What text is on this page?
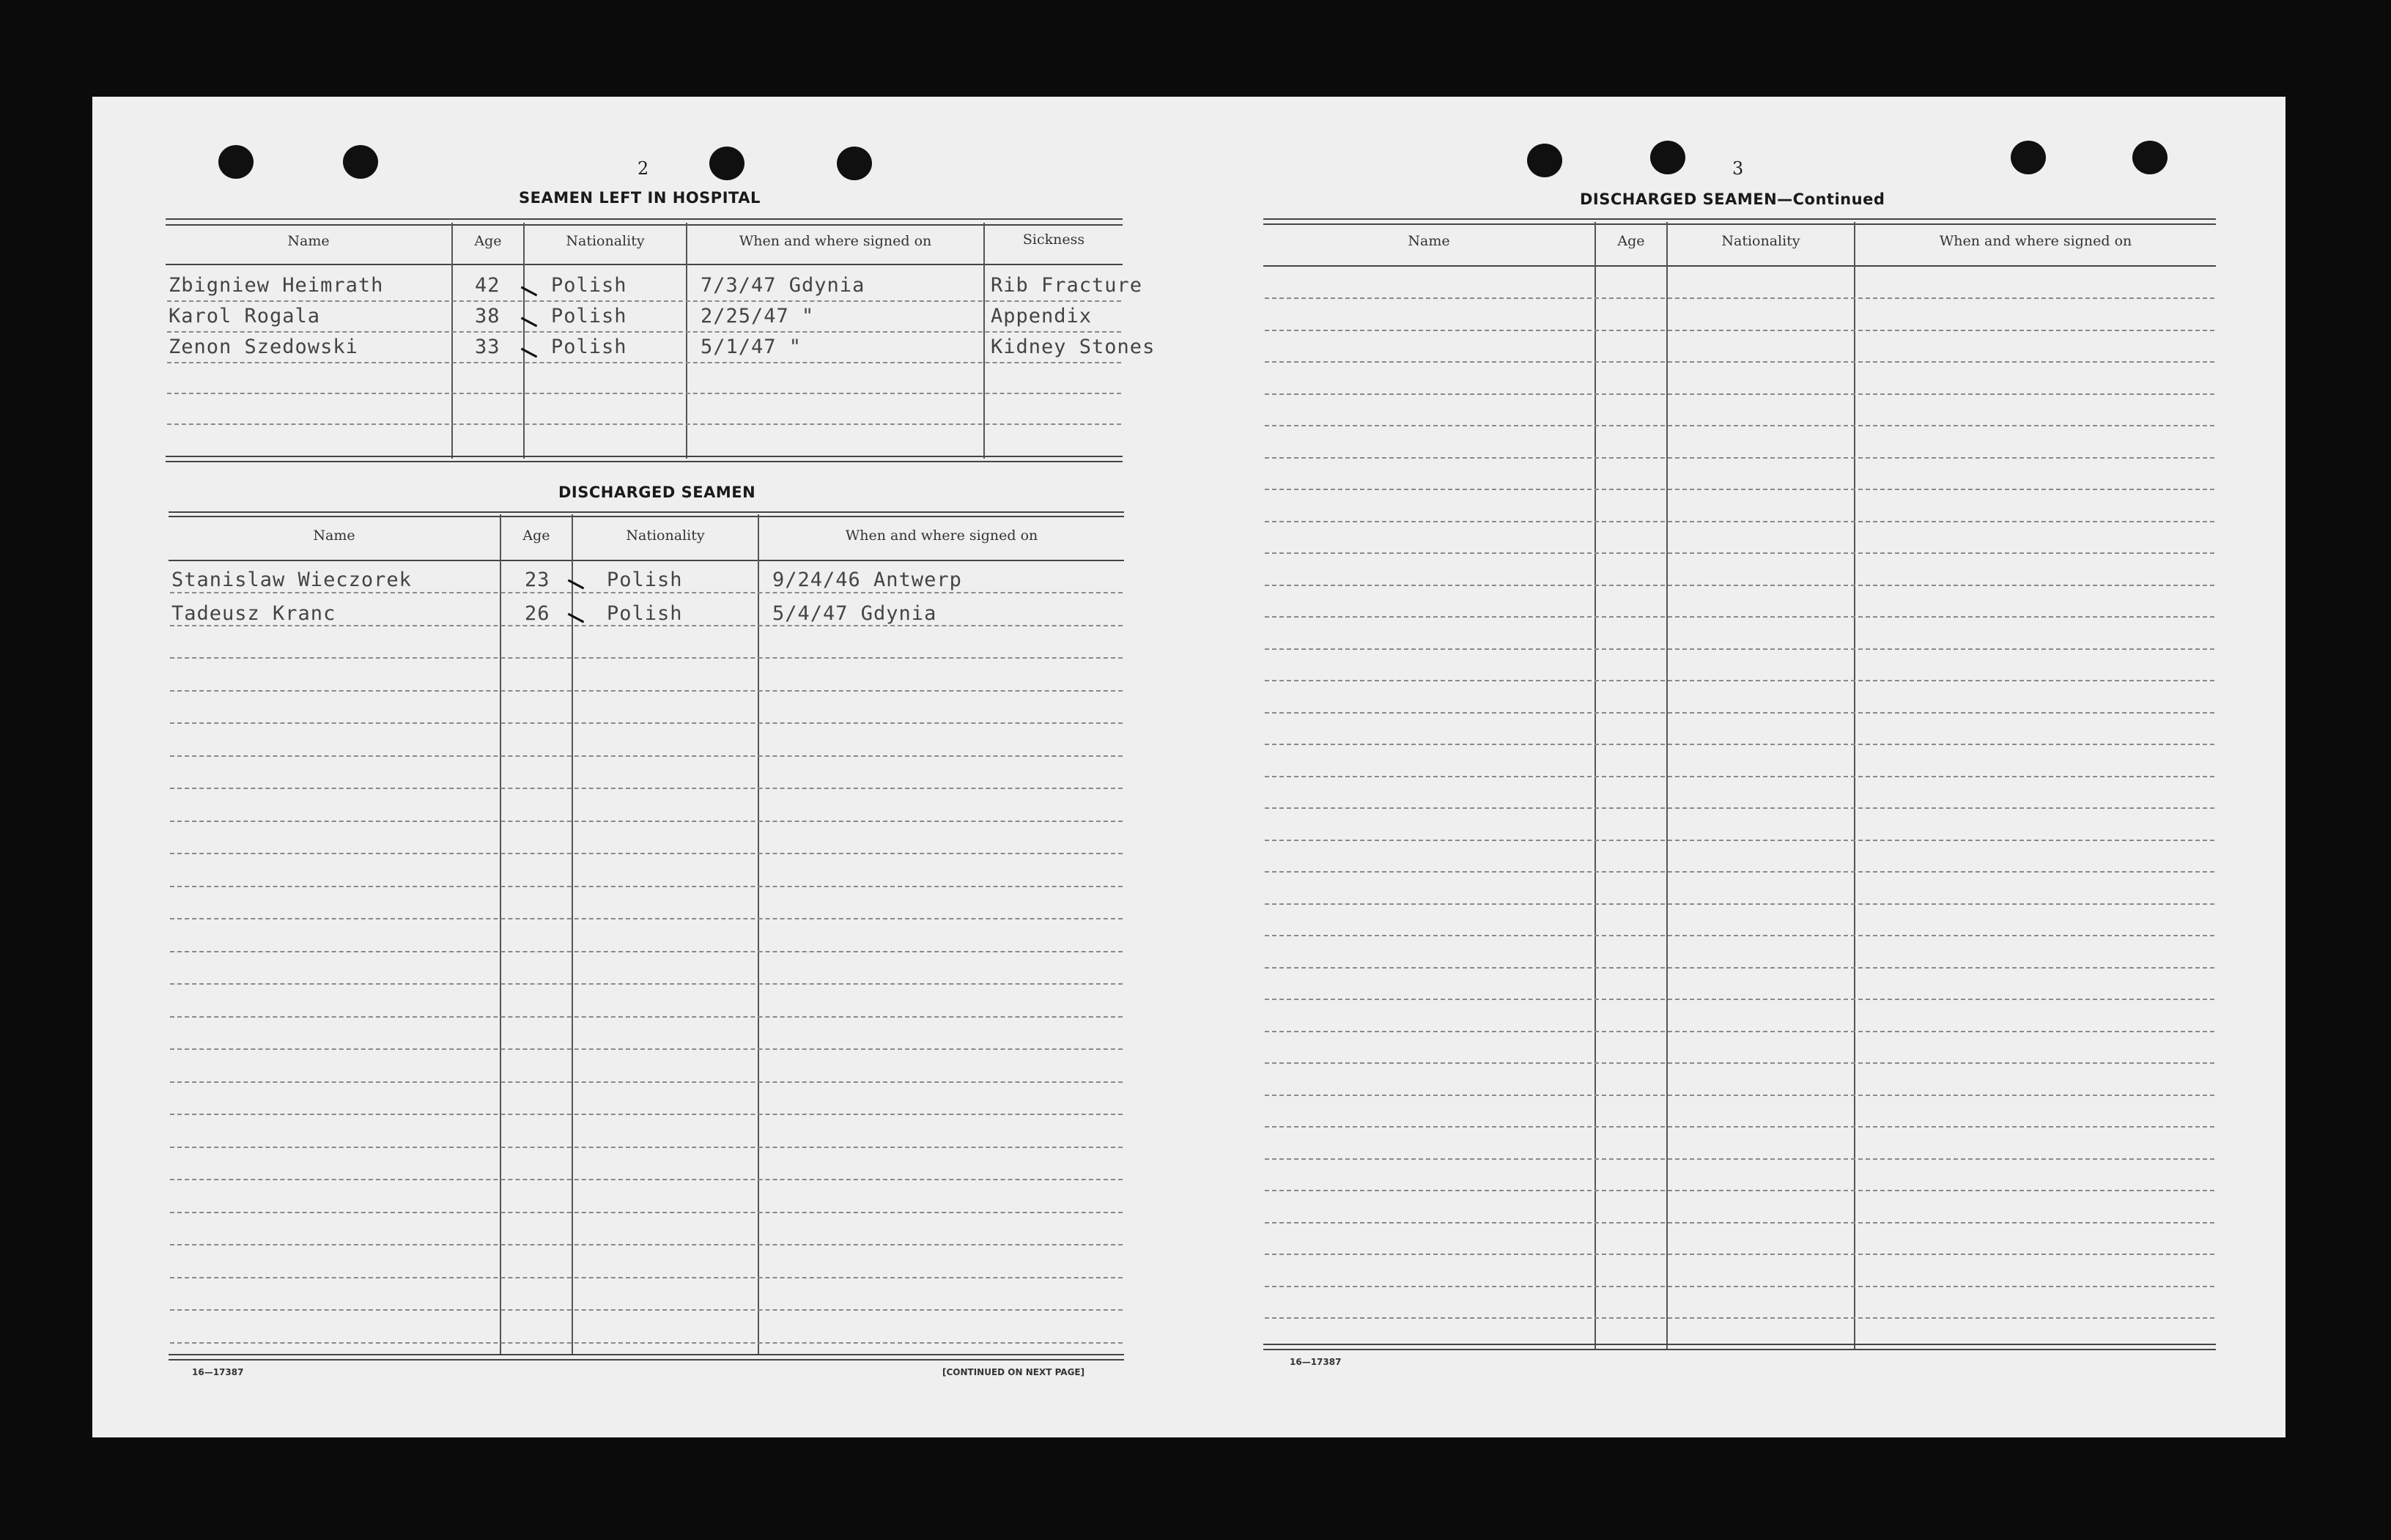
2
SEAMEN LEFT IN HOSPITAL
Name	Age	Nationality	When and where signed on	Sickness
Zbigniew Heimrath	42	Polish	7/3/47 Gdynia	Rib Fracture
Karol Rogala	38	Polish	2/25/47 "	Appendix
Zenon Szedowski	33	Polish	5/1/47 "	Kidney Stones
DISCHARGED SEAMEN
Name	Age	Nationality	When and where signed on
Stanislaw Wieczorek	23	Polish	9/24/46 Antwerp
Tadeusz Kranc	26	Polish	5/4/47 Gdynia
16—17387	[CONTINUED ON NEXT PAGE]
3
DISCHARGED SEAMEN—Continued
Name	Age	Nationality	When and where signed on
16—17387
